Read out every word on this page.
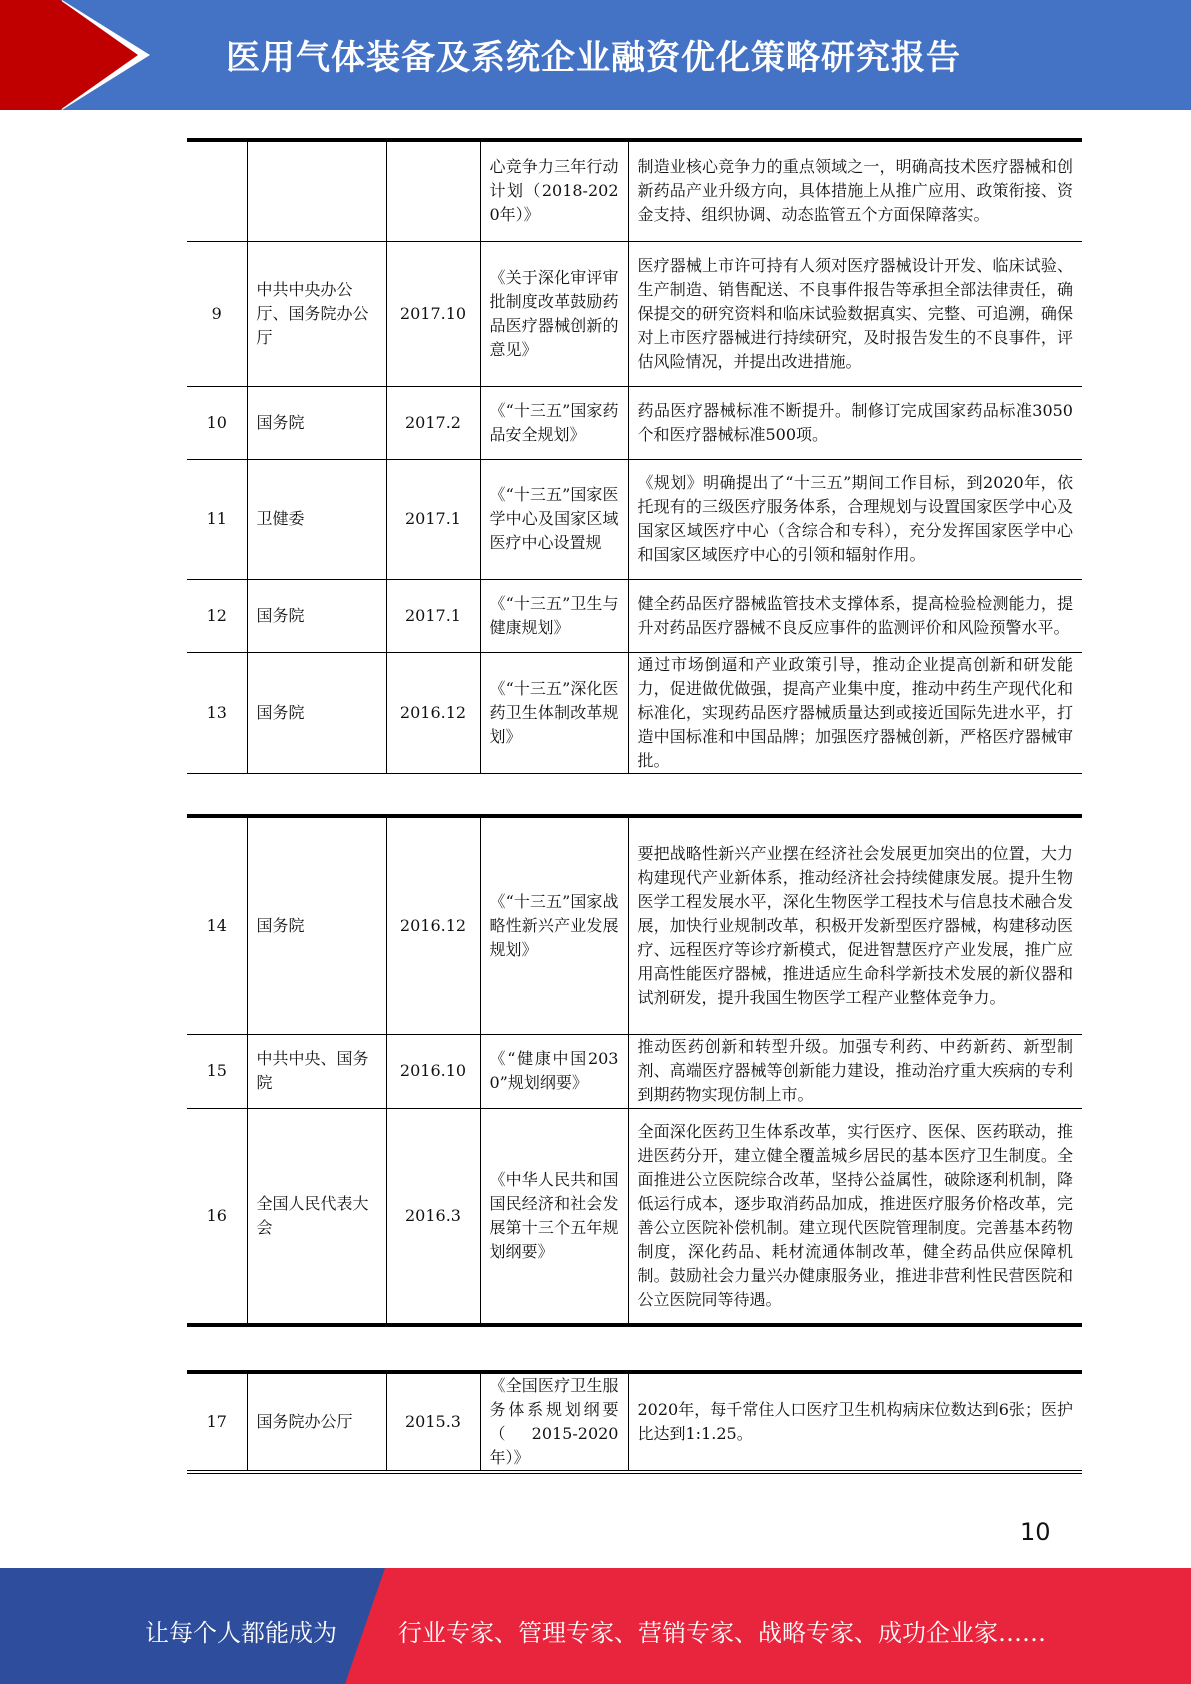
医用气体装备及系统企业融资优化策略研究报告
			心竞争力三年行动计划（2018-2020年）》	制造业核心竞争力的重点领域之一，明确高技术医疗器械和创新药品产业升级方向，具体措施上从推广应用、政策衔接、资金支持、组织协调、动态监管五个方面保障落实。
9	中共中央办公厅、国务院办公厅	2017.10	《关于深化审评审批制度改革鼓励药品医疗器械创新的意见》	医疗器械上市许可持有人须对医疗器械设计开发、临床试验、生产制造、销售配送、不良事件报告等承担全部法律责任，确保提交的研究资料和临床试验数据真实、完整、可追溯，确保对上市医疗器械进行持续研究，及时报告发生的不良事件，评估风险情况，并提出改进措施。
10	国务院	2017.2	《“十三五”国家药品安全规划》	药品医疗器械标准不断提升。制修订完成国家药品标准3050个和医疗器械标准500项。
11	卫健委	2017.1	《“十三五”国家医学中心及国家区域医疗中心设置规	《规划》明确提出了“十三五”期间工作目标，到2020年，依托现有的三级医疗服务体系，合理规划与设置国家医学中心及国家区域医疗中心（含综合和专科），充分发挥国家医学中心和国家区域医疗中心的引领和辐射作用。
12	国务院	2017.1	《“十三五”卫生与健康规划》	健全药品医疗器械监管技术支撑体系，提高检验检测能力，提升对药品医疗器械不良反应事件的监测评价和风险预警水平。
13	国务院	2016.12	《“十三五”深化医药卫生体制改革规划》	通过市场倒逼和产业政策引导，推动企业提高创新和研发能力，促进做优做强，提高产业集中度，推动中药生产现代化和标准化，实现药品医疗器械质量达到或接近国际先进水平，打造中国标准和中国品牌；加强医疗器械创新，严格医疗器械审批。
14	国务院	2016.12	《“十三五”国家战略性新兴产业发展规划》	要把战略性新兴产业摆在经济社会发展更加突出的位置，大力构建现代产业新体系，推动经济社会持续健康发展。提升生物医学工程发展水平，深化生物医学工程技术与信息技术融合发展，加快行业规制改革，积极开发新型医疗器械，构建移动医疗、远程医疗等诊疗新模式，促进智慧医疗产业发展，推广应用高性能医疗器械，推进适应生命科学新技术发展的新仪器和试剂研发，提升我国生物医学工程产业整体竞争力。
15	中共中央、国务院	2016.10	《“健康中国2030”规划纲要》	推动医药创新和转型升级。加强专利药、中药新药、新型制剂、高端医疗器械等创新能力建设，推动治疗重大疾病的专利到期药物实现仿制上市。
16	全国人民代表大会	2016.3	《中华人民共和国国民经济和社会发展第十三个五年规划纲要》	全面深化医药卫生体系改革，实行医疗、医保、医药联动，推进医药分开，建立健全覆盖城乡居民的基本医疗卫生制度。全面推进公立医院综合改革，坚持公益属性，破除逐利机制，降低运行成本，逐步取消药品加成，推进医疗服务价格改革，完善公立医院补偿机制。建立现代医院管理制度。完善基本药物制度，深化药品、耗材流通体制改革，健全药品供应保障机制。鼓励社会力量兴办健康服务业，推进非营利性民营医院和公立医院同等待遇。
17	国务院办公厅	2015.3	《全国医疗卫生服务体系规划纲要（2015-2020年）》	2020年，每千常住人口医疗卫生机构病床位数达到6张；医护比达到1:1.25。
10
让每个人都能成为	行业专家、管理专家、营销专家、战略专家、成功企业家……
